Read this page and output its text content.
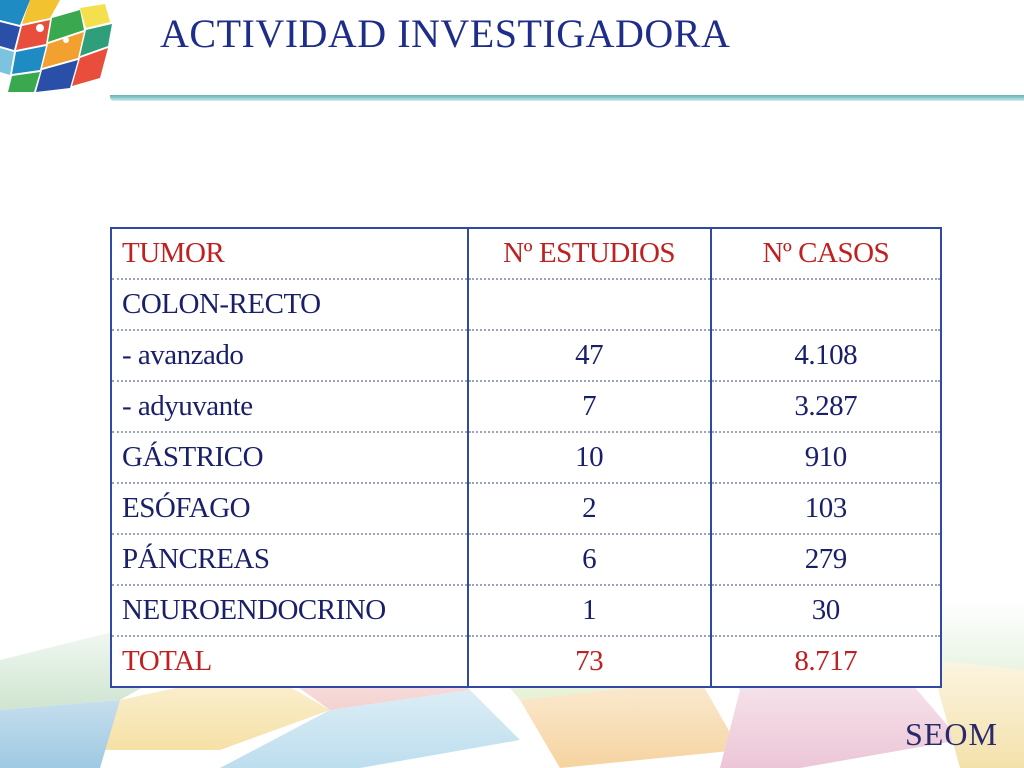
ACTIVIDAD INVESTIGADORA
TUMOR	Nº ESTUDIOS	Nº CASOS
COLON-RECTO		
- avanzado	47	4.108
- adyuvante	7	3.287
GÁSTRICO	10	910
ESÓFAGO	2	103
PÁNCREAS	6	279
NEUROENDOCRINO	1	30
TOTAL	73	8.717
SEOM
